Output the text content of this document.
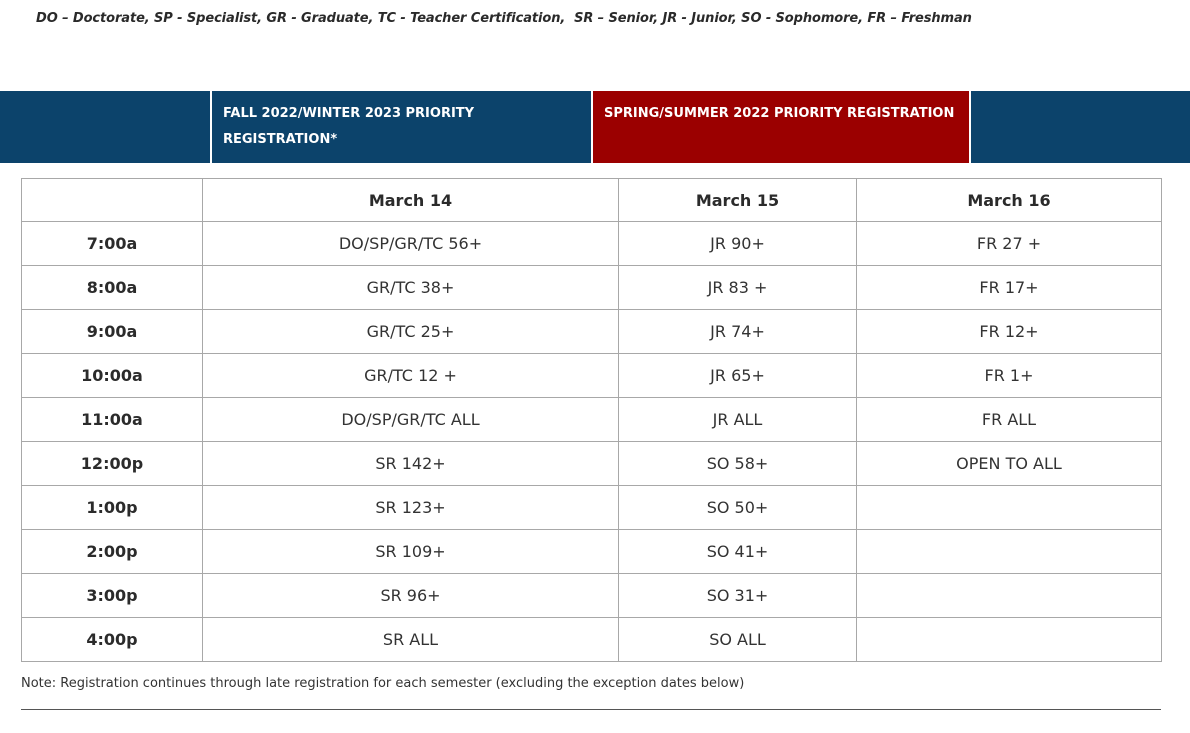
DO – Doctorate, SP - Specialist, GR - Graduate, TC - Teacher Certification,  SR – Senior, JR - Junior, SO - Sophomore, FR – Freshman
FALL 2022/WINTER 2023 PRIORITY
REGISTRATION*
SPRING/SUMMER 2022 PRIORITY REGISTRATION
	March 14	March 15	March 16
7:00a	DO/SP/GR/TC 56+	JR 90+	FR 27 +
8:00a	GR/TC 38+	JR 83 +	FR 17+
9:00a	GR/TC 25+	JR 74+	FR 12+
10:00a	GR/TC 12 +	JR 65+	FR 1+
11:00a	DO/SP/GR/TC ALL	JR ALL	FR ALL
12:00p	SR 142+	SO 58+	OPEN TO ALL
1:00p	SR 123+	SO 50+	
2:00p	SR 109+	SO 41+	
3:00p	SR 96+	SO 31+	
4:00p	SR ALL	SO ALL	
Note: Registration continues through late registration for each semester (excluding the exception dates below)
